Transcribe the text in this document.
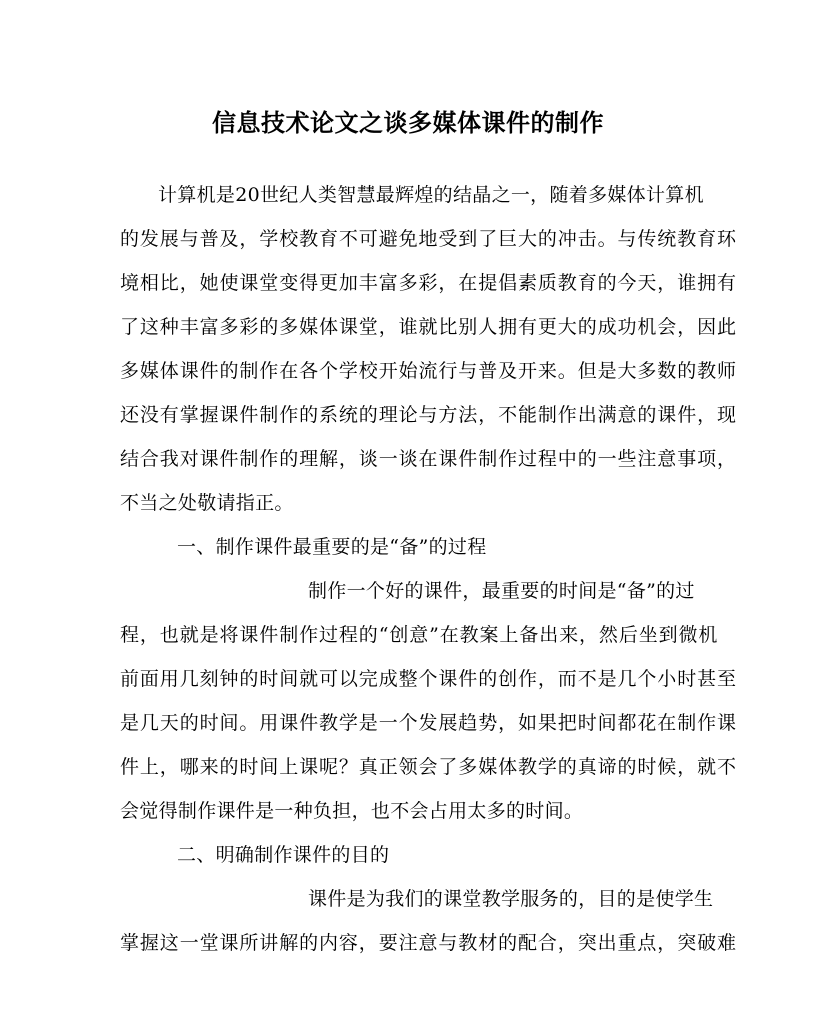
信息技术论文之谈多媒体课件的制作
计算机是20世纪人类智慧最辉煌的结晶之一，随着多媒体计算机
的发展与普及，学校教育不可避免地受到了巨大的冲击。与传统教育环
境相比，她使课堂变得更加丰富多彩，在提倡素质教育的今天，谁拥有
了这种丰富多彩的多媒体课堂，谁就比别人拥有更大的成功机会，因此
多媒体课件的制作在各个学校开始流行与普及开来。但是大多数的教师
还没有掌握课件制作的系统的理论与方法，不能制作出满意的课件，现
结合我对课件制作的理解，谈一谈在课件制作过程中的一些注意事项，
不当之处敬请指正。
一、制作课件最重要的是“备”的过程
制作一个好的课件，最重要的时间是“备”的过
程，也就是将课件制作过程的“创意”在教案上备出来，然后坐到微机
前面用几刻钟的时间就可以完成整个课件的创作，而不是几个小时甚至
是几天的时间。用课件教学是一个发展趋势，如果把时间都花在制作课
件上，哪来的时间上课呢？真正领会了多媒体教学的真谛的时候，就不
会觉得制作课件是一种负担，也不会占用太多的时间。
二、明确制作课件的目的
课件是为我们的课堂教学服务的，目的是使学生
掌握这一堂课所讲解的内容，要注意与教材的配合，突出重点，突破难
